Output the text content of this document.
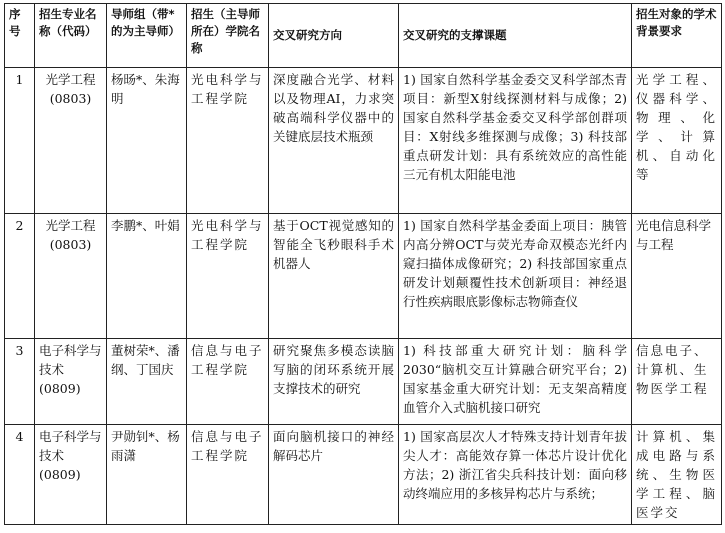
序号	招生专业名称（代码）	导师组（带*的为主导师）	招生（主导师所在）学院名称	交叉研究方向	交叉研究的支撑课题	招生对象的学术背景要求
1	光学工程(0803)	杨旸*、朱海明	光电科学与工程学院	深度融合光学、材料以及物理AI，力求突破高端科学仪器中的关键底层技术瓶颈	1) 国家自然科学基金委交叉科学部杰青项目：新型X射线探测材料与成像；2) 国家自然科学基金委交叉科学部创群项目：X射线多维探测与成像；3) 科技部重点研发计划：具有系统效应的高性能三元有机太阳能电池	光学工程、仪器科学、物理、化学、计算机、自动化等
2	光学工程(0803)	李鹏*、叶娟	光电科学与工程学院	基于OCT视觉感知的智能全飞秒眼科手术机器人	1) 国家自然科学基金委面上项目：胰管内高分辨OCT与荧光寿命双模态光纤内窥扫描体成像研究；2) 科技部国家重点研发计划颠覆性技术创新项目：神经退行性疾病眼底影像标志物筛查仪	光电信息科学与工程
3	电子科学与技术(0809)	董树荣*、潘纲、丁国庆	信息与电子工程学院	研究聚焦多模态读脑写脑的闭环系统开展支撑技术的研究	1) 科技部重大研究计划：脑科学2030“脑机交互计算融合研究平台；2) 国家基金重大研究计划：无支架高精度血管介入式脑机接口研究	信息电子、计算机、生物医学工程
4	电子科学与技术(0809)	尹勋钊*、杨雨潇	信息与电子工程学院	面向脑机接口的神经解码芯片	1) 国家高层次人才特殊支持计划青年拔尖人才：高能效存算一体芯片设计优化方法；2) 浙江省尖兵科技计划：面向移动终端应用的多核异构芯片与系统；	计算机、集成电路与系统、生物医学工程、脑医学交
